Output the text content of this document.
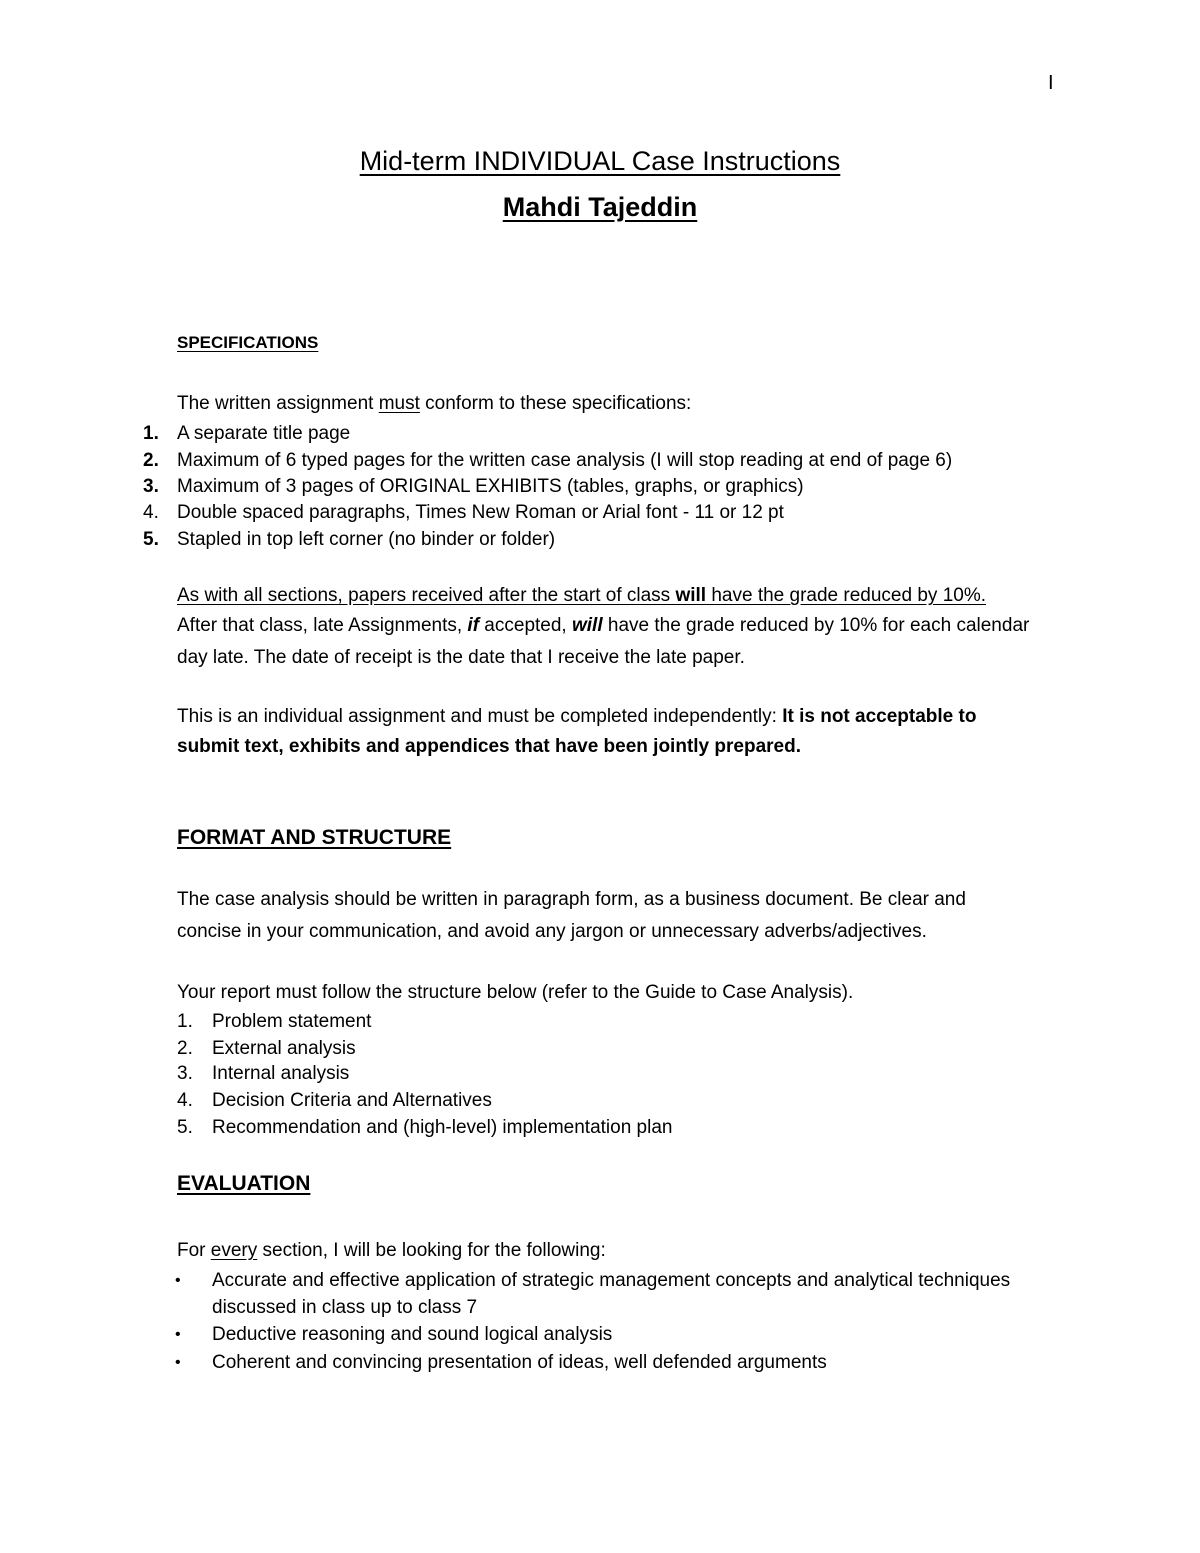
I
Mid-term INDIVIDUAL Case Instructions
Mahdi Tajeddin
SPECIFICATIONS
The written assignment must conform to these specifications:
1. A separate title page
2. Maximum of 6 typed pages for the written case analysis (I will stop reading at end of page 6)
3. Maximum of 3 pages of ORIGINAL EXHIBITS (tables, graphs, or graphics)
4. Double spaced paragraphs, Times New Roman or Arial font - 11 or 12 pt
5. Stapled in top left corner (no binder or folder)
As with all sections, papers received after the start of class will have the grade reduced by 10%.
After that class, late Assignments, if accepted, will have the grade reduced by 10% for each calendar
day late. The date of receipt is the date that I receive the late paper.
This is an individual assignment and must be completed independently: It is not acceptable to
submit text, exhibits and appendices that have been jointly prepared.
FORMAT AND STRUCTURE
The case analysis should be written in paragraph form, as a business document. Be clear and
concise in your communication, and avoid any jargon or unnecessary adverbs/adjectives.
Your report must follow the structure below (refer to the Guide to Case Analysis).
1. Problem statement
2. External analysis
3. Internal analysis
4. Decision Criteria and Alternatives
5. Recommendation and (high-level) implementation plan
EVALUATION
For every section, I will be looking for the following:
• Accurate and effective application of strategic management concepts and analytical techniques
discussed in class up to class 7
• Deductive reasoning and sound logical analysis
• Coherent and convincing presentation of ideas, well defended arguments
